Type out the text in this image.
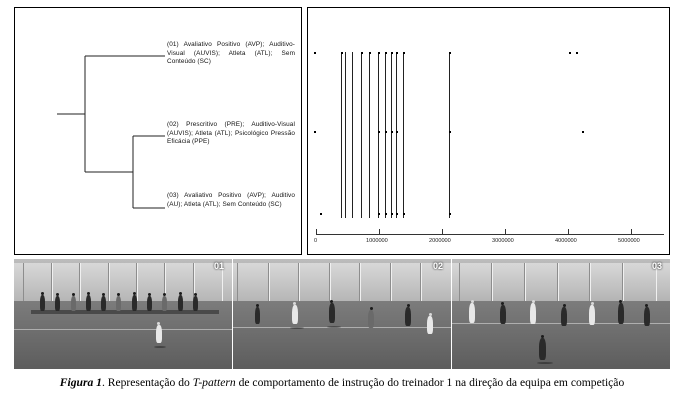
(01) Avaliativo Positivo (AVP); Auditivo-Visual (AUVIS); Atleta (ATL); Sem Conteúdo (SC)
(02) Prescritivo (PRE); Auditivo-Visual (AUVIS); Atleta (ATL); Psicológico Pressão Eficácia (PPE)
(03) Avaliativo Positivo (AVP); Auditivo (AU); Atleta (ATL); Sem Conteúdo (SC)
0	1000000	2000000	3000000	4000000	5000000
01	02	03
Figura 1. Representação do T-pattern de comportamento de instrução do treinador 1 na direção da equipa em competição
